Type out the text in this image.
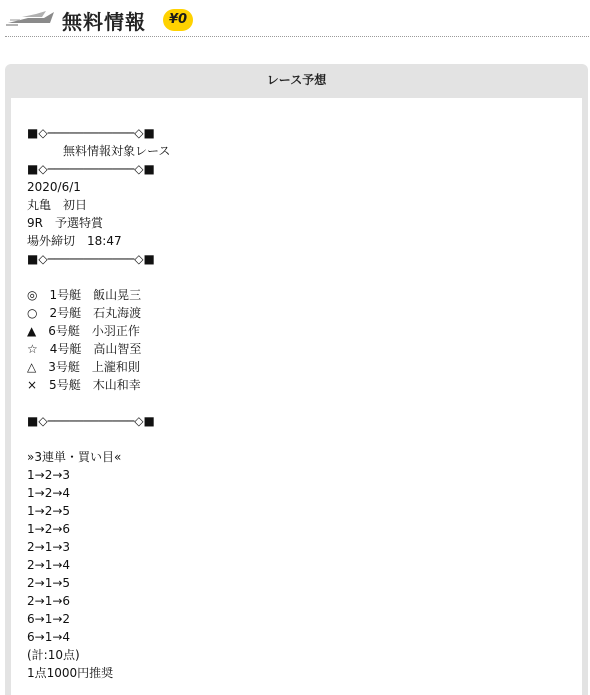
無料情報	¥0
レース予想
■◇────────────◇■
無料情報対象レース
■◇────────────◇■
2020/6/1
丸亀　初日
9R　予選特賞
場外締切　18:47
■◇────────────◇■
◎　1号艇　飯山晃三
○　2号艇　石丸海渡
▲　6号艇　小羽正作
☆　4号艇　高山智至
△　3号艇　上瀧和則
×　5号艇　木山和幸
■◇────────────◇■
»3連単・買い目«
1→2→3
1→2→4
1→2→5
1→2→6
2→1→3
2→1→4
2→1→5
2→1→6
6→1→2
6→1→4
(計:10点)
1点1000円推奨
